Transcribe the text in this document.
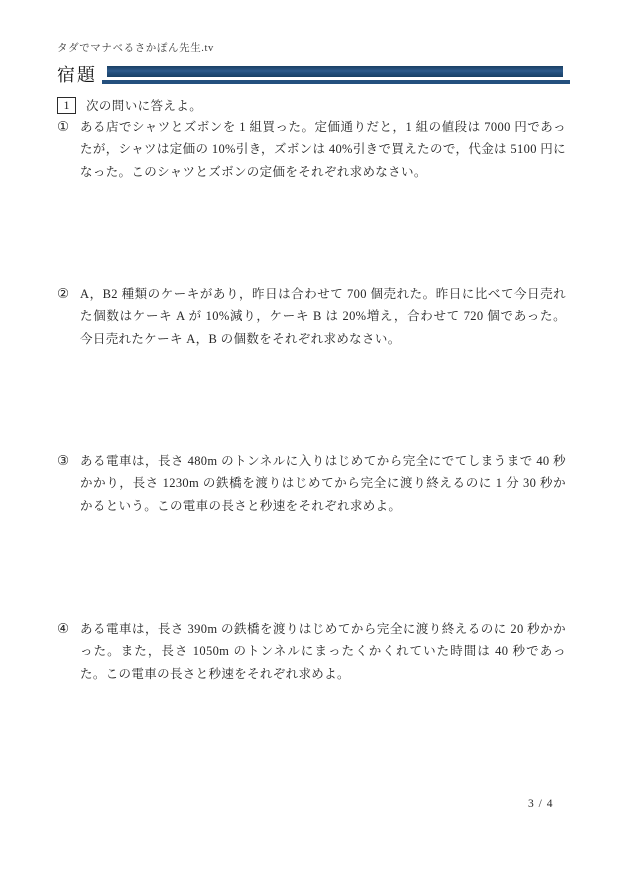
タダでマナベるさかぽん先生.tv
宿題
1	次の問いに答えよ。
① ある店でシャツとズボンを 1 組買った。定価通りだと，1 組の値段は 7000 円であったが，シャツは定価の 10%引き，ズボンは 40%引きで買えたので，代金は 5100 円になった。このシャツとズボンの定価をそれぞれ求めなさい。
② A，B2 種類のケーキがあり，昨日は合わせて 700 個売れた。昨日に比べて今日売れた個数はケーキ A が 10%減り，ケーキ B は 20%増え，合わせて 720 個であった。今日売れたケーキ A，B の個数をそれぞれ求めなさい。
③ ある電車は，長さ 480m のトンネルに入りはじめてから完全にでてしまうまで 40 秒かかり，長さ 1230m の鉄橋を渡りはじめてから完全に渡り終えるのに 1 分 30 秒かかるという。この電車の長さと秒速をそれぞれ求めよ。
④ ある電車は，長さ 390m の鉄橋を渡りはじめてから完全に渡り終えるのに 20 秒かかった。また，長さ 1050m のトンネルにまったくかくれていた時間は 40 秒であった。この電車の長さと秒速をそれぞれ求めよ。
3 / 4
